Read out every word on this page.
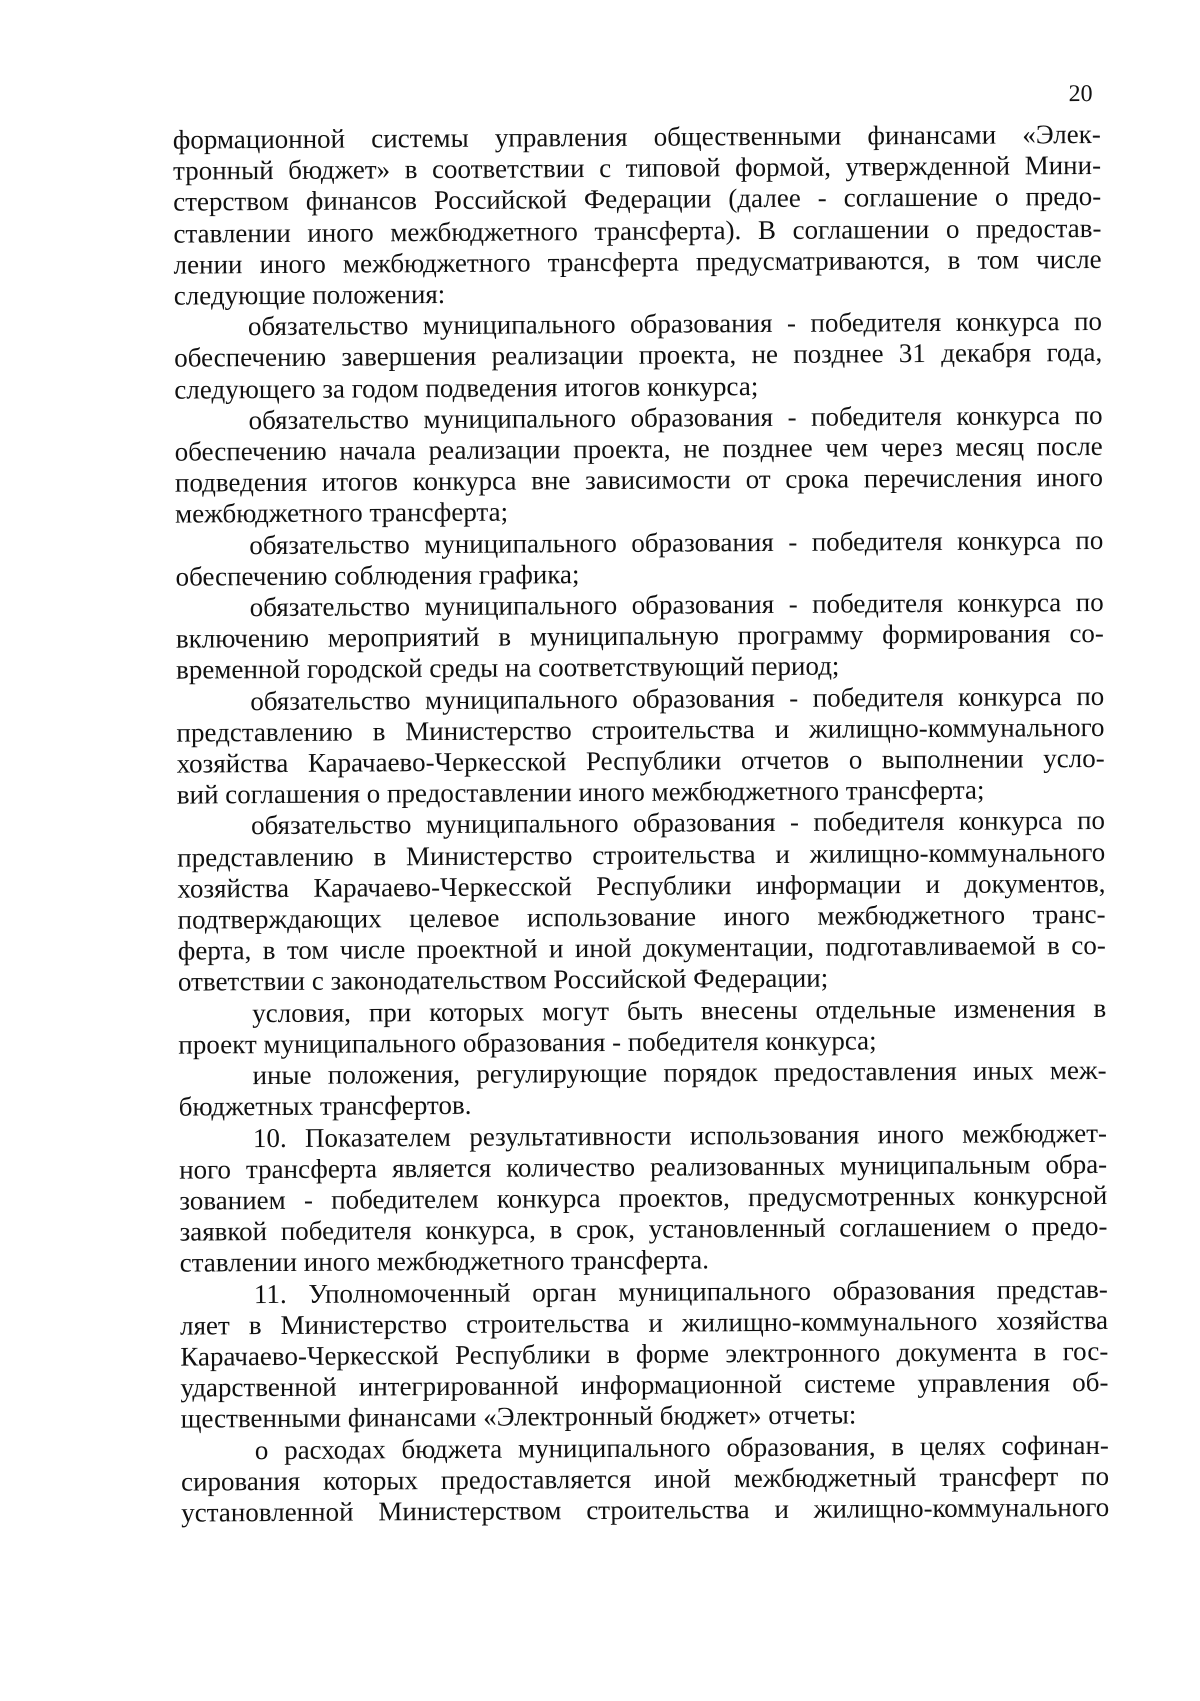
20

формационной системы управления общественными финансами «Элек-
тронный бюджет» в соответствии с типовой формой, утвержденной Мини-
стерством финансов Российской Федерации (далее - соглашение о предо-
ставлении иного межбюджетного трансферта). В соглашении о предостав-
лении иного межбюджетного трансферта предусматриваются, в том числе
следующие положения:

обязательство муниципального образования - победителя конкурса по
обеспечению завершения реализации проекта, не позднее 31 декабря года,
следующего за годом подведения итогов конкурса;

обязательство муниципального образования - победителя конкурса по
обеспечению начала реализации проекта, не позднее чем через месяц после
подведения итогов конкурса вне зависимости от срока перечисления иного
межбюджетного трансферта;

обязательство муниципального образования - победителя конкурса по
обеспечению соблюдения графика;

обязательство муниципального образования - победителя конкурса по
включению мероприятий в муниципальную программу формирования со-
временной городской среды на соответствующий период;

обязательство муниципального образования - победителя конкурса по
представлению в Министерство строительства и жилищно-коммунального
хозяйства Карачаево-Черкесской Республики отчетов о выполнении усло-
вий соглашения о предоставлении иного межбюджетного трансферта;

обязательство муниципального образования - победителя конкурса по
представлению в Министерство строительства и жилищно-коммунального
хозяйства Карачаево-Черкесской Республики информации и документов,
подтверждающих целевое использование иного межбюджетного транс-
ферта, в том числе проектной и иной документации, подготавливаемой в со-
ответствии с законодательством Российской Федерации;

условия, при которых могут быть внесены отдельные изменения в
проект муниципального образования - победителя конкурса;

иные положения, регулирующие порядок предоставления иных меж-
бюджетных трансфертов.

10. Показателем результативности использования иного межбюджет-
ного трансферта является количество реализованных муниципальным обра-
зованием - победителем конкурса проектов, предусмотренных конкурсной
заявкой победителя конкурса, в срок, установленный соглашением о предо-
ставлении иного межбюджетного трансферта.

11. Уполномоченный орган муниципального образования представ-
ляет в Министерство строительства и жилищно-коммунального хозяйства
Карачаево-Черкесской Республики в форме электронного документа в гос-
ударственной интегрированной информационной системе управления об-
щественными финансами «Электронный бюджет» отчеты:

о расходах бюджета муниципального образования, в целях софинан-
сирования которых предоставляется иной межбюджетный трансферт по
установленной Министерством строительства и жилищно-коммунального
